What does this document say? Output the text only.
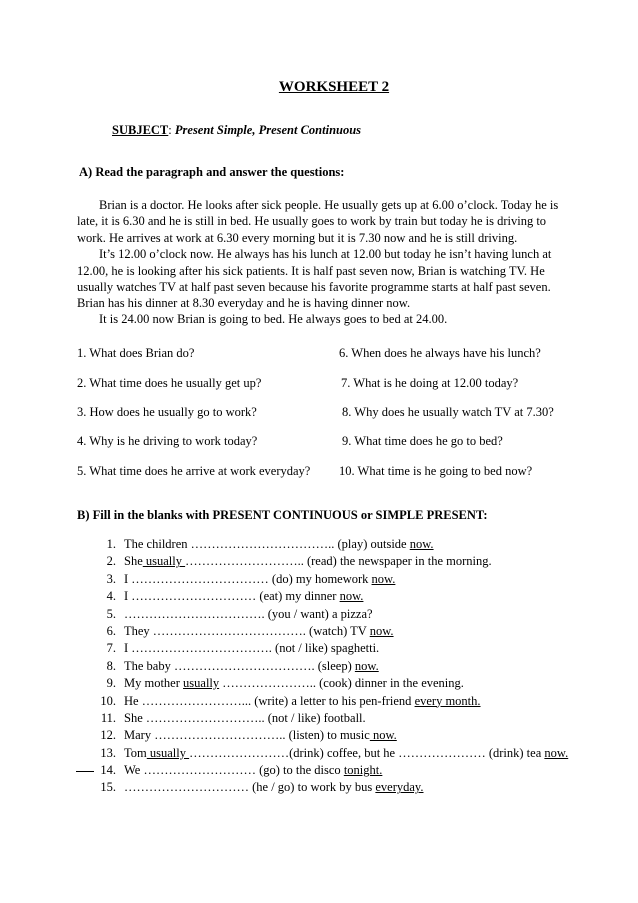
WORKSHEET 2
SUBJECT: Present Simple, Present Continuous
A) Read the paragraph and answer the questions:
Brian is a doctor. He looks after sick people. He usually gets up at 6.00 o’clock. Today he is
late, it is 6.30 and he is still in bed. He usually goes to work by train but today he is driving to
work. He arrives at work at 6.30 every morning but it is 7.30 now and he is still driving.
It’s 12.00 o’clock now. He always has his lunch at 12.00 but today he isn’t having lunch at
12.00, he is looking after his sick patients. It is half past seven now, Brian is watching TV. He
usually watches TV at half past seven because his favorite programme starts at half past seven.
Brian has his dinner at 8.30 everyday and he is having dinner now.
It is 24.00 now Brian is going to bed. He always goes to bed at 24.00.
1. What does Brian do?
2. What time does he usually get up?
3. How does he usually go to work?
4. Why is he driving to work today?
5. What time does he arrive at work everyday?
6. When does he always have his lunch?
7. What is he doing at 12.00 today?
8. Why does he usually watch TV at 7.30?
9. What time does he go to bed?
10. What time is he going to bed now?
B) Fill in the blanks with PRESENT CONTINUOUS or SIMPLE PRESENT:
1. The children …………………………….. (play) outside now.
2. She usually ……………………….. (read) the newspaper in the morning.
3. I …………………………… (do) my homework now.
4. I ………………………… (eat) my dinner now.
5. ……………………………. (you / want) a pizza?
6. They ………………………………. (watch) TV now.
7. I ……………………………. (not / like) spaghetti.
8. The baby ……………………………. (sleep) now.
9. My mother usually ………………….. (cook) dinner in the evening.
10. He ……………………... (write) a letter to his pen-friend every month.
11. She ……………………….. (not / like) football.
12. Mary ………………………….. (listen) to music now.
13. Tom usually ……………………(drink) coffee, but he ………………… (drink) tea now.
14. We ……………………… (go) to the disco tonight.
15. ………………………… (he / go) to work by bus everyday.
